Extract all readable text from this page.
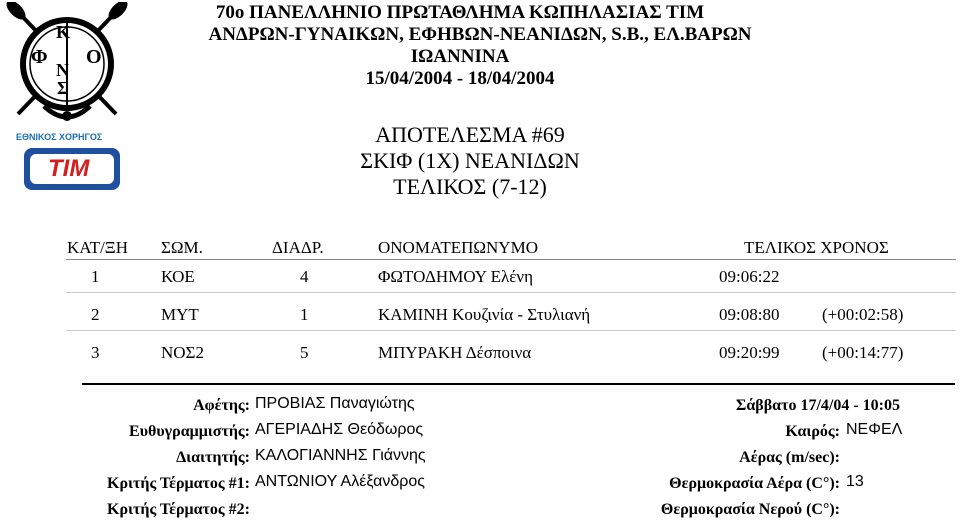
Κ
Φ Ο
Ν
Σ
ΕΘΝΙΚΟΣ ΧΟΡΗΓΟΣ
TIM
70ο ΠΑΝΕΛΛΗΝΙΟ ΠΡΩΤΑΘΛΗΜΑ ΚΩΠΗΛΑΣΙΑΣ ΤΙΜ
ΑΝΔΡΩΝ-ΓΥΝΑΙΚΩΝ, ΕΦΗΒΩΝ-ΝΕΑΝΙΔΩΝ, S.B., ΕΛ.ΒΑΡΩΝ
ΙΩΑΝΝΙΝΑ
15/04/2004 - 18/04/2004
ΑΠΟΤΕΛΕΣΜΑ #69
ΣΚΙΦ (1Χ) ΝΕΑΝΙΔΩΝ
ΤΕΛΙΚΟΣ (7-12)
ΚΑΤ/ΞΗ ΣΩΜ.	ΔΙΑΔΡ.	ΟΝΟΜΑΤΕΠΩΝΥΜΟ	ΤΕΛΙΚΟΣ ΧΡΟΝΟΣ
1	ΚΟΕ	4	ΦΩΤΟΔΗΜΟΥ Ελένη	09:06:22
2	ΜΥΤ	1	ΚΑΜΙΝΗ Κουζινία - Στυλιανή	09:08:80	(+00:02:58)
3	ΝΟΣ2	5	ΜΠΥΡΑΚΗ Δέσποινα	09:20:99	(+00:14:77)
Αφέτης: ΠΡΟΒΙΑΣ Παναγιώτης
Ευθυγραμμιστής: ΑΓΕΡΙΑΔΗΣ Θεόδωρος
Διαιτητής: ΚΑΛΟΓΙΑΝΝΗΣ Γιάννης
Κριτής Τέρματος #1: ΑΝΤΩΝΙΟΥ Αλέξανδρος
Κριτής Τέρματος #2:
Σάββατο 17/4/04 - 10:05
Καιρός: ΝΕΦΕΛ
Αέρας (m/sec):
Θερμοκρασία Αέρα (C°): 13
Θερμοκρασία Νερού (C°):
